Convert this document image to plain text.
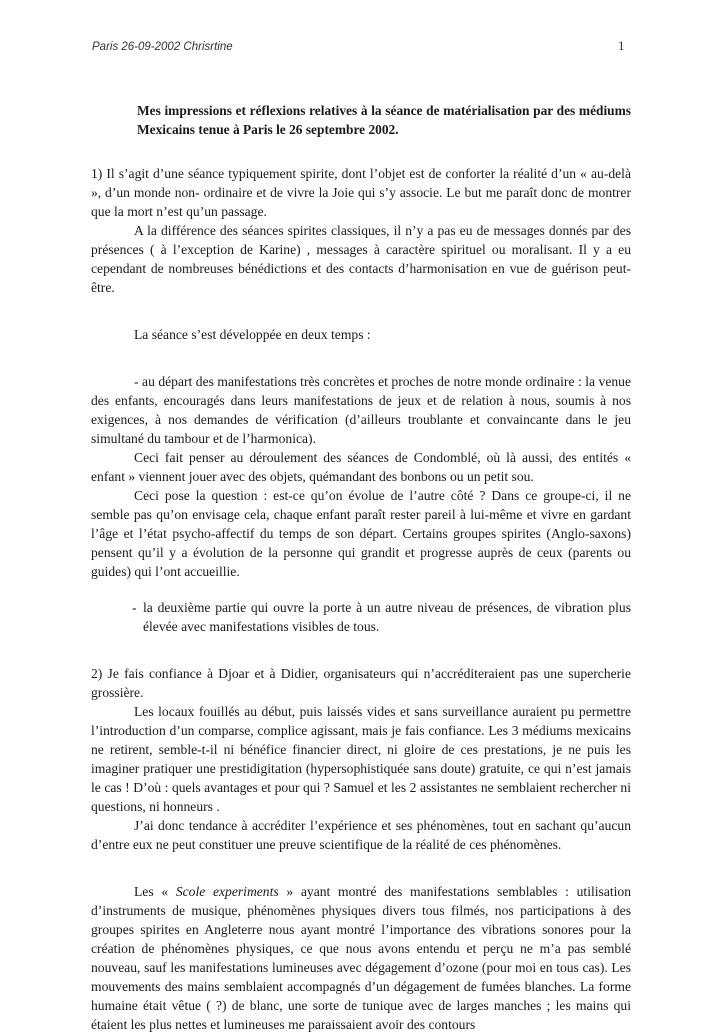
Paris 26-09-2002 Chrisrtine	1

Mes impressions et réflexions relatives à la séance de matérialisation par des médiums Mexicains tenue à Paris le 26 septembre 2002.

1) Il s’agit d’une séance typiquement spirite, dont l’objet est de conforter la réalité d’un « au-delà », d’un monde non- ordinaire et de vivre la Joie qui s’y associe. Le but me paraît donc de montrer que la mort n’est qu’un passage.

A la différence des séances spirites classiques, il n’y a pas eu de messages donnés par des présences ( à l’exception de Karine) , messages à caractère spirituel ou moralisant. Il y a eu cependant de nombreuses bénédictions et des contacts d’harmonisation en vue de guérison peut-être.

La séance s’est développée en deux temps :

- au départ des manifestations très concrètes et proches de notre monde ordinaire : la venue des enfants, encouragés dans leurs manifestations de jeux et de relation à nous, soumis à nos exigences, à nos demandes de vérification (d’ailleurs troublante et convaincante dans le jeu simultané du tambour et de l’harmonica).

Ceci fait penser au déroulement des séances de Condomblé, où là aussi, des entités « enfant » viennent jouer avec des objets, quémandant des bonbons ou un petit sou.

Ceci pose la question : est-ce qu’on évolue de l’autre côté ? Dans ce groupe-ci, il ne semble pas qu’on envisage cela, chaque enfant paraît rester pareil à lui-même et vivre en gardant l’âge et l’état psycho-affectif du temps de son départ. Certains groupes spirites (Anglo-saxons) pensent qu’il y a évolution de la personne qui grandit et progresse auprès de ceux (parents ou guides) qui l’ont accueillie.

- la deuxième partie qui ouvre la porte à un autre niveau de présences, de vibration plus élevée avec manifestations visibles de tous.

2) Je fais confiance à Djoar et à Didier, organisateurs qui n’accréditeraient pas une supercherie grossière.

Les locaux fouillés au début, puis laissés vides et sans surveillance auraient pu permettre l’introduction d’un comparse, complice agissant, mais je fais confiance. Les 3 médiums mexicains ne retirent, semble-t-il ni bénéfice financier direct, ni gloire de ces prestations, je ne puis les imaginer pratiquer une prestidigitation (hypersophistiquée sans doute) gratuite, ce qui n’est jamais le cas ! D’où : quels avantages et pour qui ? Samuel et les 2 assistantes ne semblaient rechercher ni questions, ni honneurs .

J’ai donc tendance à accréditer l’expérience et ses phénomènes, tout en sachant qu’aucun d’entre eux ne peut constituer une preuve scientifique de la réalité de ces phénomènes.

Les « Scole experiments » ayant montré des manifestations semblables : utilisation d’instruments de musique, phénomènes physiques divers tous filmés, nos participations à des groupes spirites en Angleterre nous ayant montré l’importance des vibrations sonores pour la création de phénomènes physiques, ce que nous avons entendu et perçu ne m’a pas semblé nouveau, sauf les manifestations lumineuses avec dégagement d’ozone (pour moi en tous cas). Les mouvements des mains semblaient accompagnés d’un dégagement de fumées blanches. La forme humaine était vêtue ( ?) de blanc, une sorte de tunique avec de larges manches ; les mains qui étaient les plus nettes et lumineuses me paraissaient avoir des contours
